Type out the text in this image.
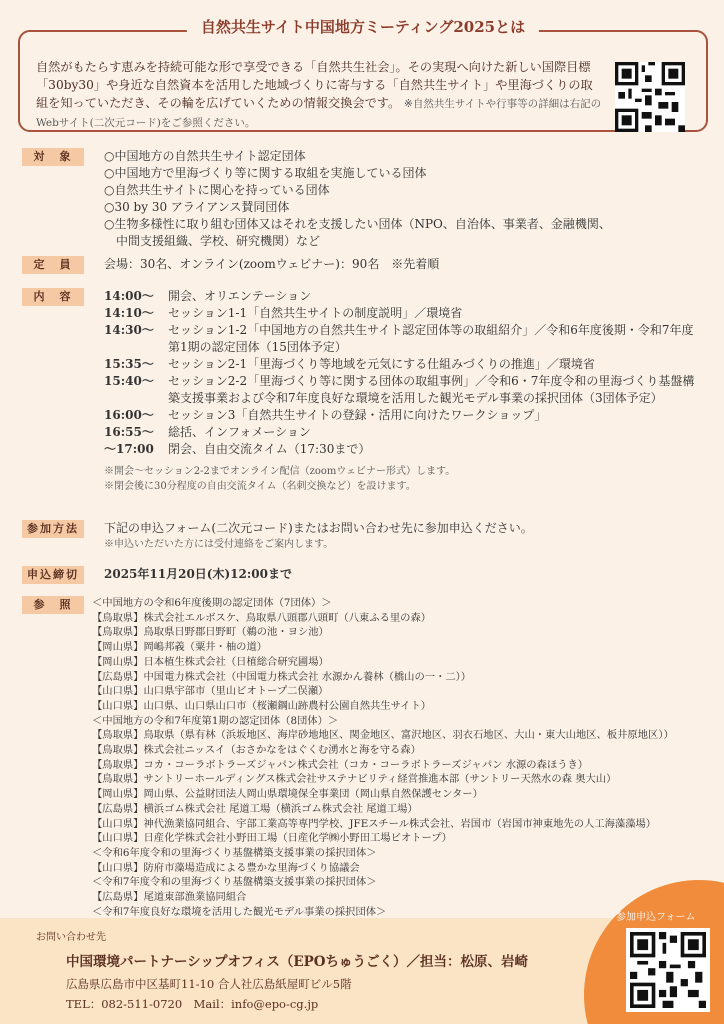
自然がもたらす恵みを持続可能な形で享受できる「自然共生社会」。その実現へ向けた新しい国際目標「30by30」や身近な自然資本を活用した地域づくりに寄与する「自然共生サイト」や里海づくりの取組を知っていただき、その輪を広げていくための情報交換会です。 ※自然共生サイトや行事等の詳細は右記のWebサイト(二次元コード)をご参照ください。
自然共生サイト中国地方ミーティング2025とは
対　象	○中国地方の自然共生サイト認定団体
○中国地方で里海づくり等に関する取組を実施している団体
○自然共生サイトに関心を持っている団体
○30 by 30 アライアンス賛同団体
○生物多様性に取り組む団体又はそれを支援したい団体（NPO、自治体、事業者、金融機関、
　中間支援組織、学校、研究機関）など
定　員	会場：30名、オンライン(zoomウェビナー)：90名　※先着順
内　容	14:00～	開会、オリエンテーション
14:10～	セッション1-1「自然共生サイトの制度説明」／環境省
14:30～	セッション1-2「中国地方の自然共生サイト認定団体等の取組紹介」／令和6年度後期・令和7年度第1期の認定団体（15団体予定）
15:35～	セッション2-1「里海づくり等地域を元気にする仕組みづくりの推進」／環境省
15:40～	セッション2-2「里海づくり等に関する団体の取組事例」／令和6・7年度令和の里海づくり基盤構築支援事業および令和7年度良好な環境を活用した観光モデル事業の採択団体（3団体予定）
16:00～	セッション3「自然共生サイトの登録・活用に向けたワークショップ」
16:55～	総括、インフォメーション
～17:00	閉会、自由交流タイム（17:30まで）
※開会～セッション2-2までオンライン配信（zoomウェビナー形式）します。
※閉会後に30分程度の自由交流タイム（名刺交換など）を設けます。
参加方法	下記の申込フォーム(二次元コード)またはお問い合わせ先に参加申込ください。
※申込いただいた方には受付連絡をご案内します。
申込締切	2025年11月20日(木)12:00まで
参　照	＜中国地方の令和6年度後期の認定団体（7団体）＞
【鳥取県】株式会社エルボスケ、鳥取県八頭郡八頭町（八東ふる里の森）
【鳥取県】鳥取県日野郡日野町（鵜の池・ヨシ池）
【岡山県】岡嶋邦義（粟井・柚の道）
【岡山県】日本植生株式会社（日植総合研究圃場）
【広島県】中国電力株式会社（中国電力株式会社 水源かん養林（橋山の一・二））
【山口県】山口県宇部市（里山ビオトープ二俣瀬）
【山口県】山口県、山口県山口市（桜瀬鋼山跡農村公園自然共生サイト）
＜中国地方の令和7年度第1期の認定団体（8団体）＞
【鳥取県】鳥取県（県有林（浜坂地区、海岸砂地地区、関金地区、富沢地区、羽衣石地区、大山・東大山地区、板井原地区））
【鳥取県】株式会社ニッスイ（おさかなをはぐくむ湧水と海を守る森）
【鳥取県】コカ・コーラボトラーズジャパン株式会社（コカ・コーラボトラーズジャパン 水源の森ほうき）
【鳥取県】サントリーホールディングス株式会社サステナビリティ経営推進本部（サントリー天然水の森 奥大山）
【岡山県】岡山県、公益財団法人岡山県環境保全事業団（岡山県自然保護センター）
【広島県】横浜ゴム株式会社 尾道工場（横浜ゴム株式会社 尾道工場）
【山口県】神代漁業協同組合、宇部工業高等専門学校、JFEスチール株式会社、岩国市（岩国市神東地先の人工海藻藻場）
【山口県】日産化学株式会社小野田工場（日産化学㈱小野田工場ビオトープ）
＜令和6年度令和の里海づくり基盤構築支援事業の採択団体＞
【山口県】防府市藻場造成による豊かな里海づくり協議会
＜令和7年度令和の里海づくり基盤構築支援事業の採択団体＞
【広島県】尾道東部漁業協同組合
＜令和7年度良好な環境を活用した観光モデル事業の採択団体＞
お問い合わせ先
中国環境パートナーシップオフィス（EPOちゅうごく）／担当：松原、岩崎
広島県広島市中区基町11-10 合人社広島紙屋町ビル5階
TEL：082-511-0720　Mail：info@epo-cg.jp
参加申込フォーム
